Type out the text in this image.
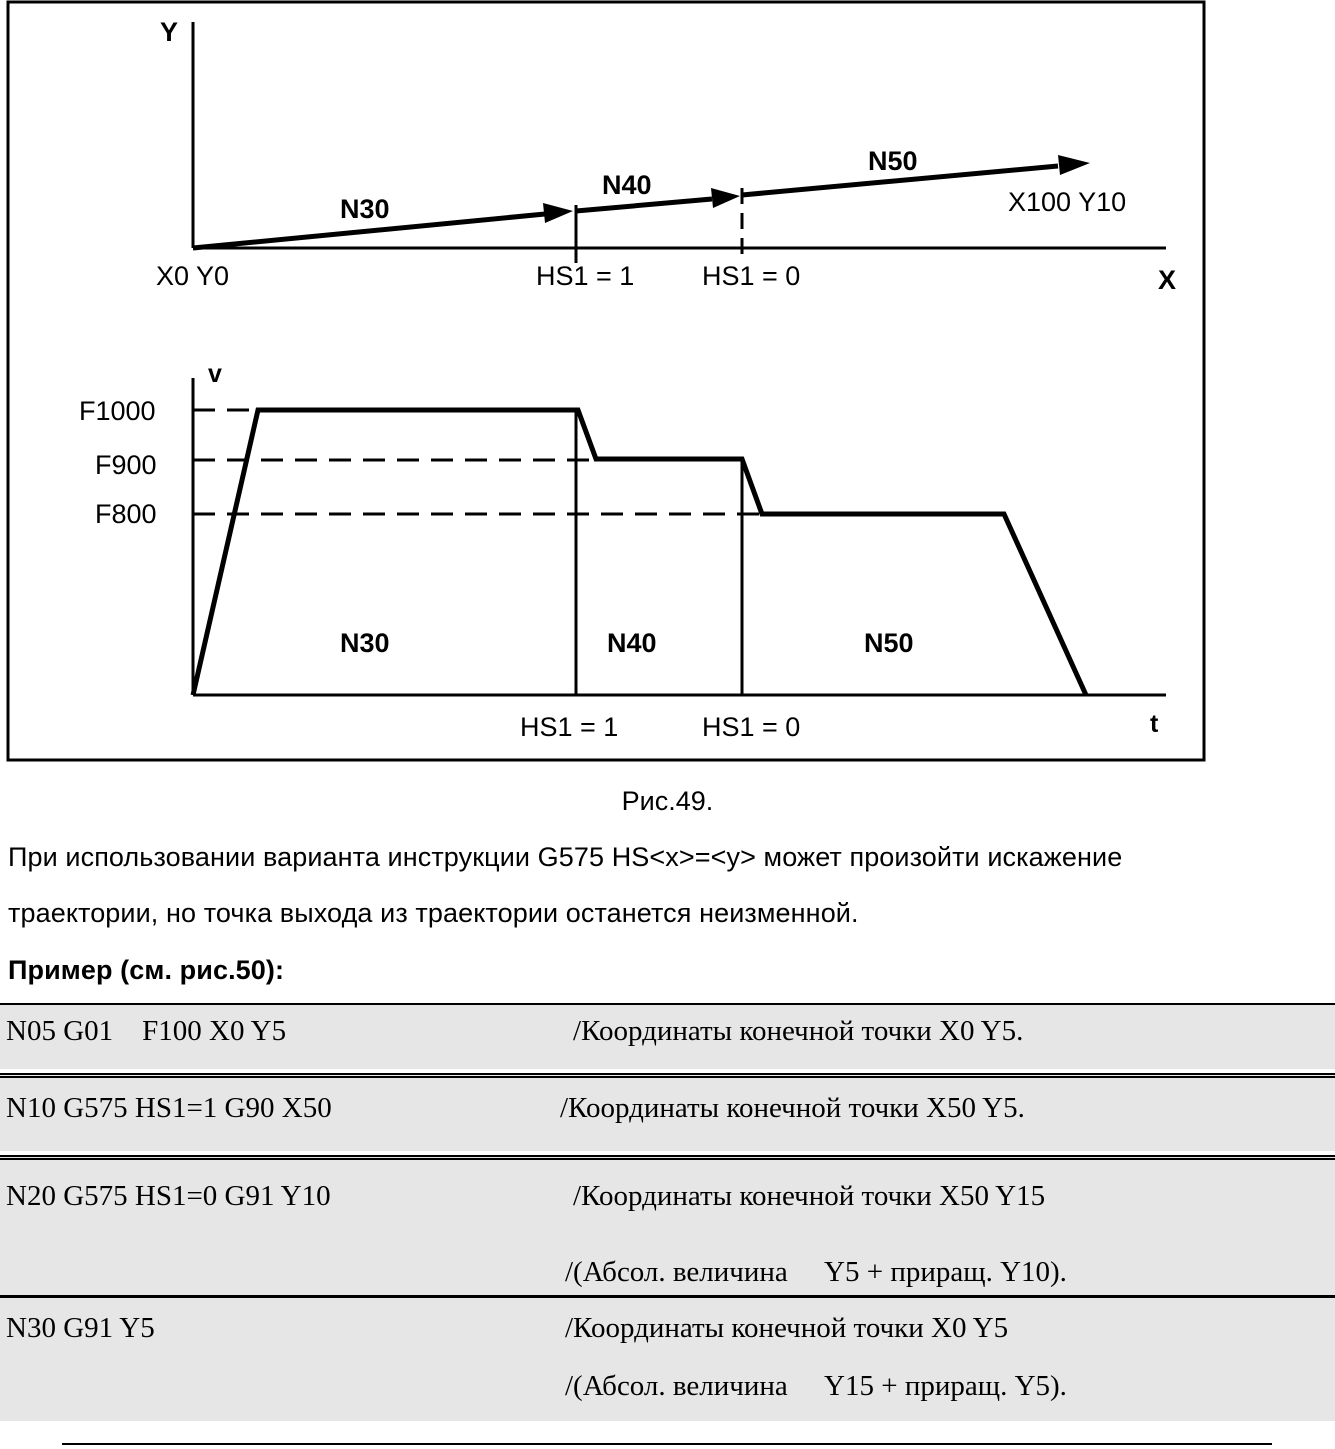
Y
X
N30
N40
N50
X0 Y0
X100 Y10
HS1 = 1	HS1 = 0
v
t
F1000
F900
F800
N30	N40	N50
HS1 = 1	HS1 = 0
Рис.49.
При использовании варианта инструкции G575 HS<x>=<y> может произойти искажение
траектории, но точка выхода из траектории останется неизменной.
Пример (см. рис.50):
N05 G01    F100 X0 Y5	/Координаты конечной точки X0 Y5.
N10 G575 HS1=1 G90 X50	/Координаты конечной точки X50 Y5.
N20 G575 HS1=0 G91 Y10	/Координаты конечной точки X50 Y15
/(Абсол. величина     Y5 + приращ. Y10).
N30 G91 Y5	/Координаты конечной точки X0 Y5
/(Абсол. величина     Y15 + приращ. Y5).
